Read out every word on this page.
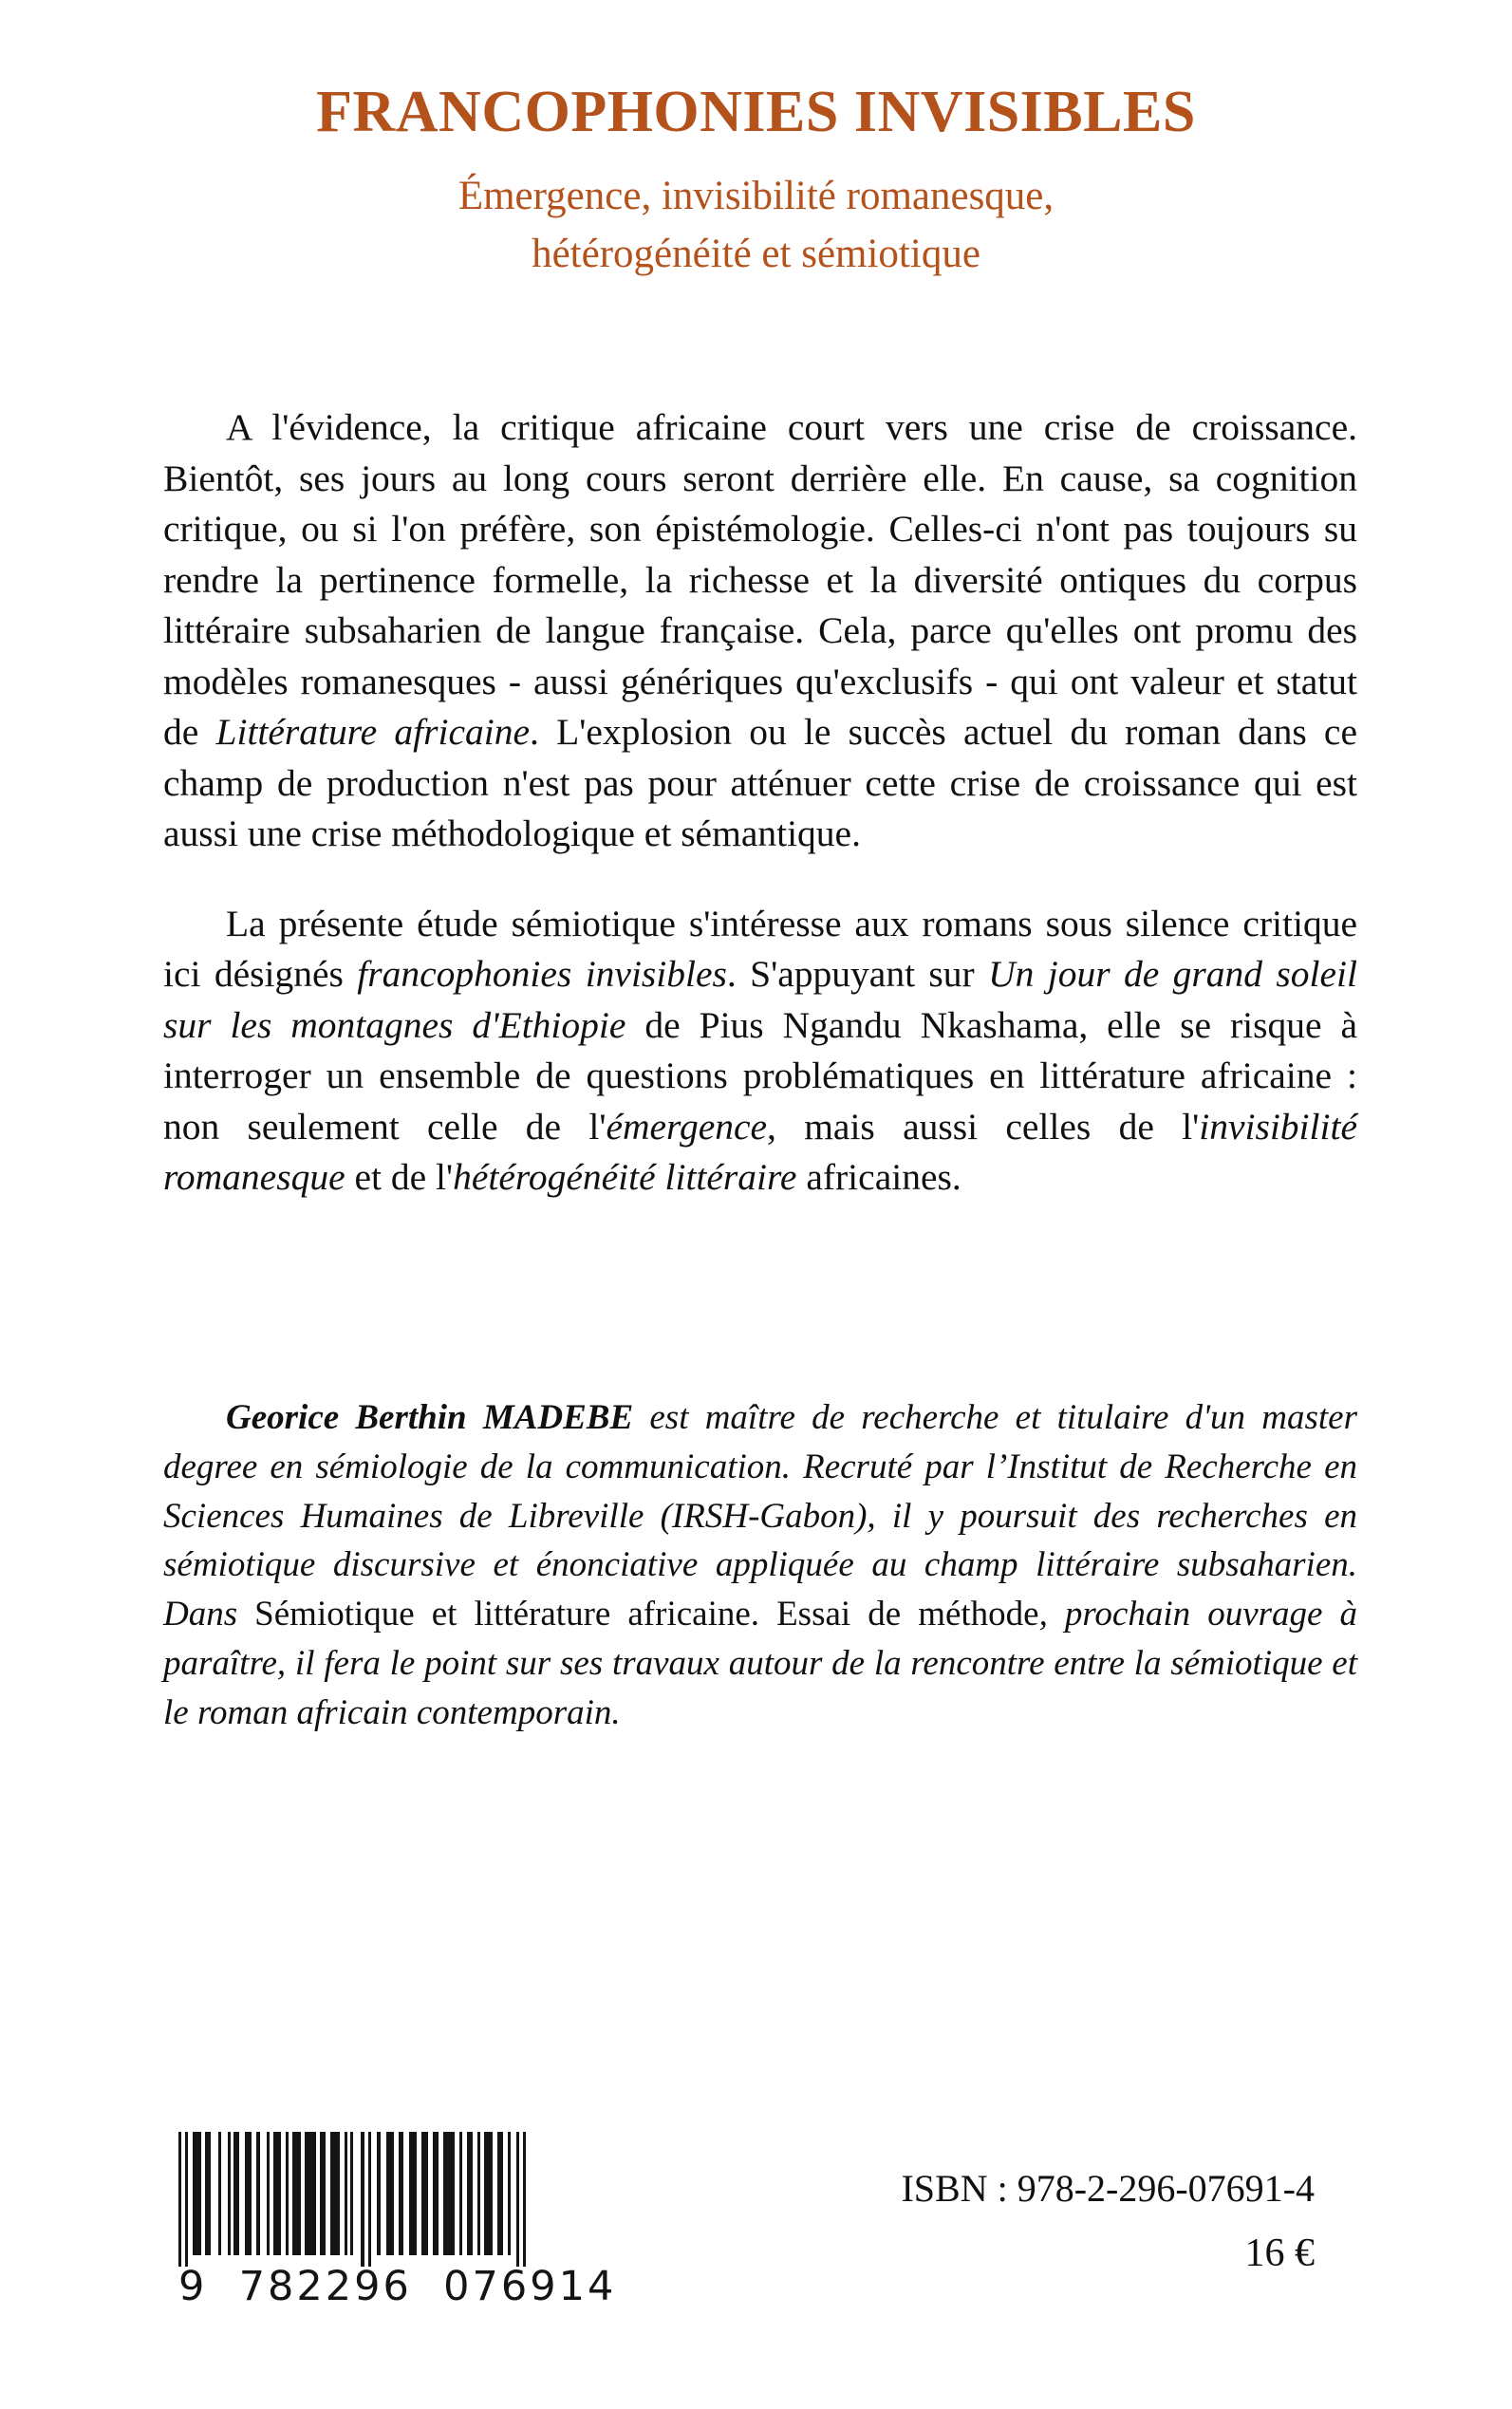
FRANCOPHONIES INVISIBLES

Émergence, invisibilité romanesque,

hétérogénéité et sémiotique

A l'évidence, la critique africaine court vers une crise de croissance. Bientôt, ses jours au long cours seront derrière elle. En cause, sa cognition critique, ou si l'on préfère, son épistémologie. Celles-ci n'ont pas toujours su rendre la pertinence formelle, la richesse et la diversité ontiques du corpus littéraire subsaharien de langue française. Cela, parce qu'elles ont promu des modèles romanesques - aussi génériques qu'exclusifs - qui ont valeur et statut de Littérature africaine. L'explosion ou le succès actuel du roman dans ce champ de production n'est pas pour atténuer cette crise de croissance qui est aussi une crise méthodologique et sémantique.

La présente étude sémiotique s'intéresse aux romans sous silence critique ici désignés francophonies invisibles. S'appuyant sur Un jour de grand soleil sur les montagnes d'Ethiopie de Pius Ngandu Nkashama, elle se risque à interroger un ensemble de questions problématiques en littérature africaine : non seulement celle de l'émergence, mais aussi celles de l'invisibilité romanesque et de l'hétérogénéité littéraire africaines.

Georice Berthin MADEBE est maître de recherche et titulaire d'un master degree en sémiologie de la communication. Recruté par l’Institut de Recherche en Sciences Humaines de Libreville (IRSH-Gabon), il y poursuit des recherches en sémiotique discursive et énonciative appliquée au champ littéraire subsaharien. Dans Sémiotique et littérature africaine. Essai de méthode, prochain ouvrage à paraître, il fera le point sur ses travaux autour de la rencontre entre la sémiotique et le roman africain contemporain.

9  782296  076914
ISBN : 978-2-296-07691-4
16 €
